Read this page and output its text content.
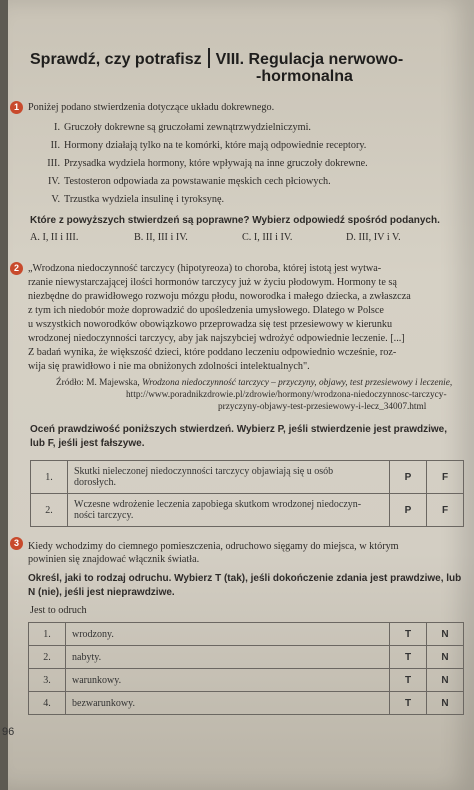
Sprawdź, czy potrafisz VIII. Regulacja nerwowo-
-hormonalna
1 Poniżej podano stwierdzenia dotyczące układu dokrewnego.
I. Gruczoły dokrewne są gruczołami zewnątrzwydzielniczymi.
II. Hormony działają tylko na te komórki, które mają odpowiednie receptory.
III. Przysadka wydziela hormony, które wpływają na inne gruczoły dokrewne.
IV. Testosteron odpowiada za powstawanie męskich cech płciowych.
V. Trzustka wydziela insulinę i tyroksynę.
Które z powyższych stwierdzeń są poprawne? Wybierz odpowiedź spośród podanych.
A. I, II i III.	B. II, III i IV.	C. I, III i IV.	D. III, IV i V.
2 „Wrodzona niedoczynność tarczycy (hipotyreoza) to choroba, której istotą jest wytwa-
rzanie niewystarczającej ilości hormonów tarczycy już w życiu płodowym. Hormony te są
niezbędne do prawidłowego rozwoju mózgu płodu, noworodka i małego dziecka, a zwłaszcza
z tym ich niedobór może doprowadzić do upośledzenia umysłowego. Dlatego w Polsce
u wszystkich noworodków obowiązkowo przeprowadza się test przesiewowy w kierunku
wrodzonej niedoczynności tarczycy, aby jak najszybciej wdrożyć odpowiednie leczenie. [...]
Z badań wynika, że większość dzieci, które poddano leczeniu odpowiednio wcześnie, roz-
wija się prawidłowo i nie ma obniżonych zdolności intelektualnych".
Źródło: M. Majewska, Wrodzona niedoczynność tarczycy – przyczyny, objawy, test przesiewowy i leczenie,
http://www.poradnikzdrowie.pl/zdrowie/hormony/wrodzona-niedoczynnosc-tarczycy-
przyczyny-objawy-test-przesiewowy-i-lecz_34007.html
Oceń prawdziwość poniższych stwierdzeń. Wybierz P, jeśli stwierdzenie jest prawdziwe,
lub F, jeśli jest fałszywe.
1.	Skutki nieleczonej niedoczynności tarczycy objawiają się u osób
dorosłych.	P	F
2.	Wczesne wdrożenie leczenia zapobiega skutkom wrodzonej niedoczyn-
ności tarczycy.	P	F
3 Kiedy wchodzimy do ciemnego pomieszczenia, odruchowo sięgamy do miejsca, w którym
powinien się znajdować włącznik światła.
Określ, jaki to rodzaj odruchu. Wybierz T (tak), jeśli dokończenie zdania jest prawdziwe, lub
N (nie), jeśli jest nieprawdziwe.
Jest to odruch
1.	wrodzony.	T	N
2.	nabyty.	T	N
3.	warunkowy.	T	N
4.	bezwarunkowy.	T	N
96
